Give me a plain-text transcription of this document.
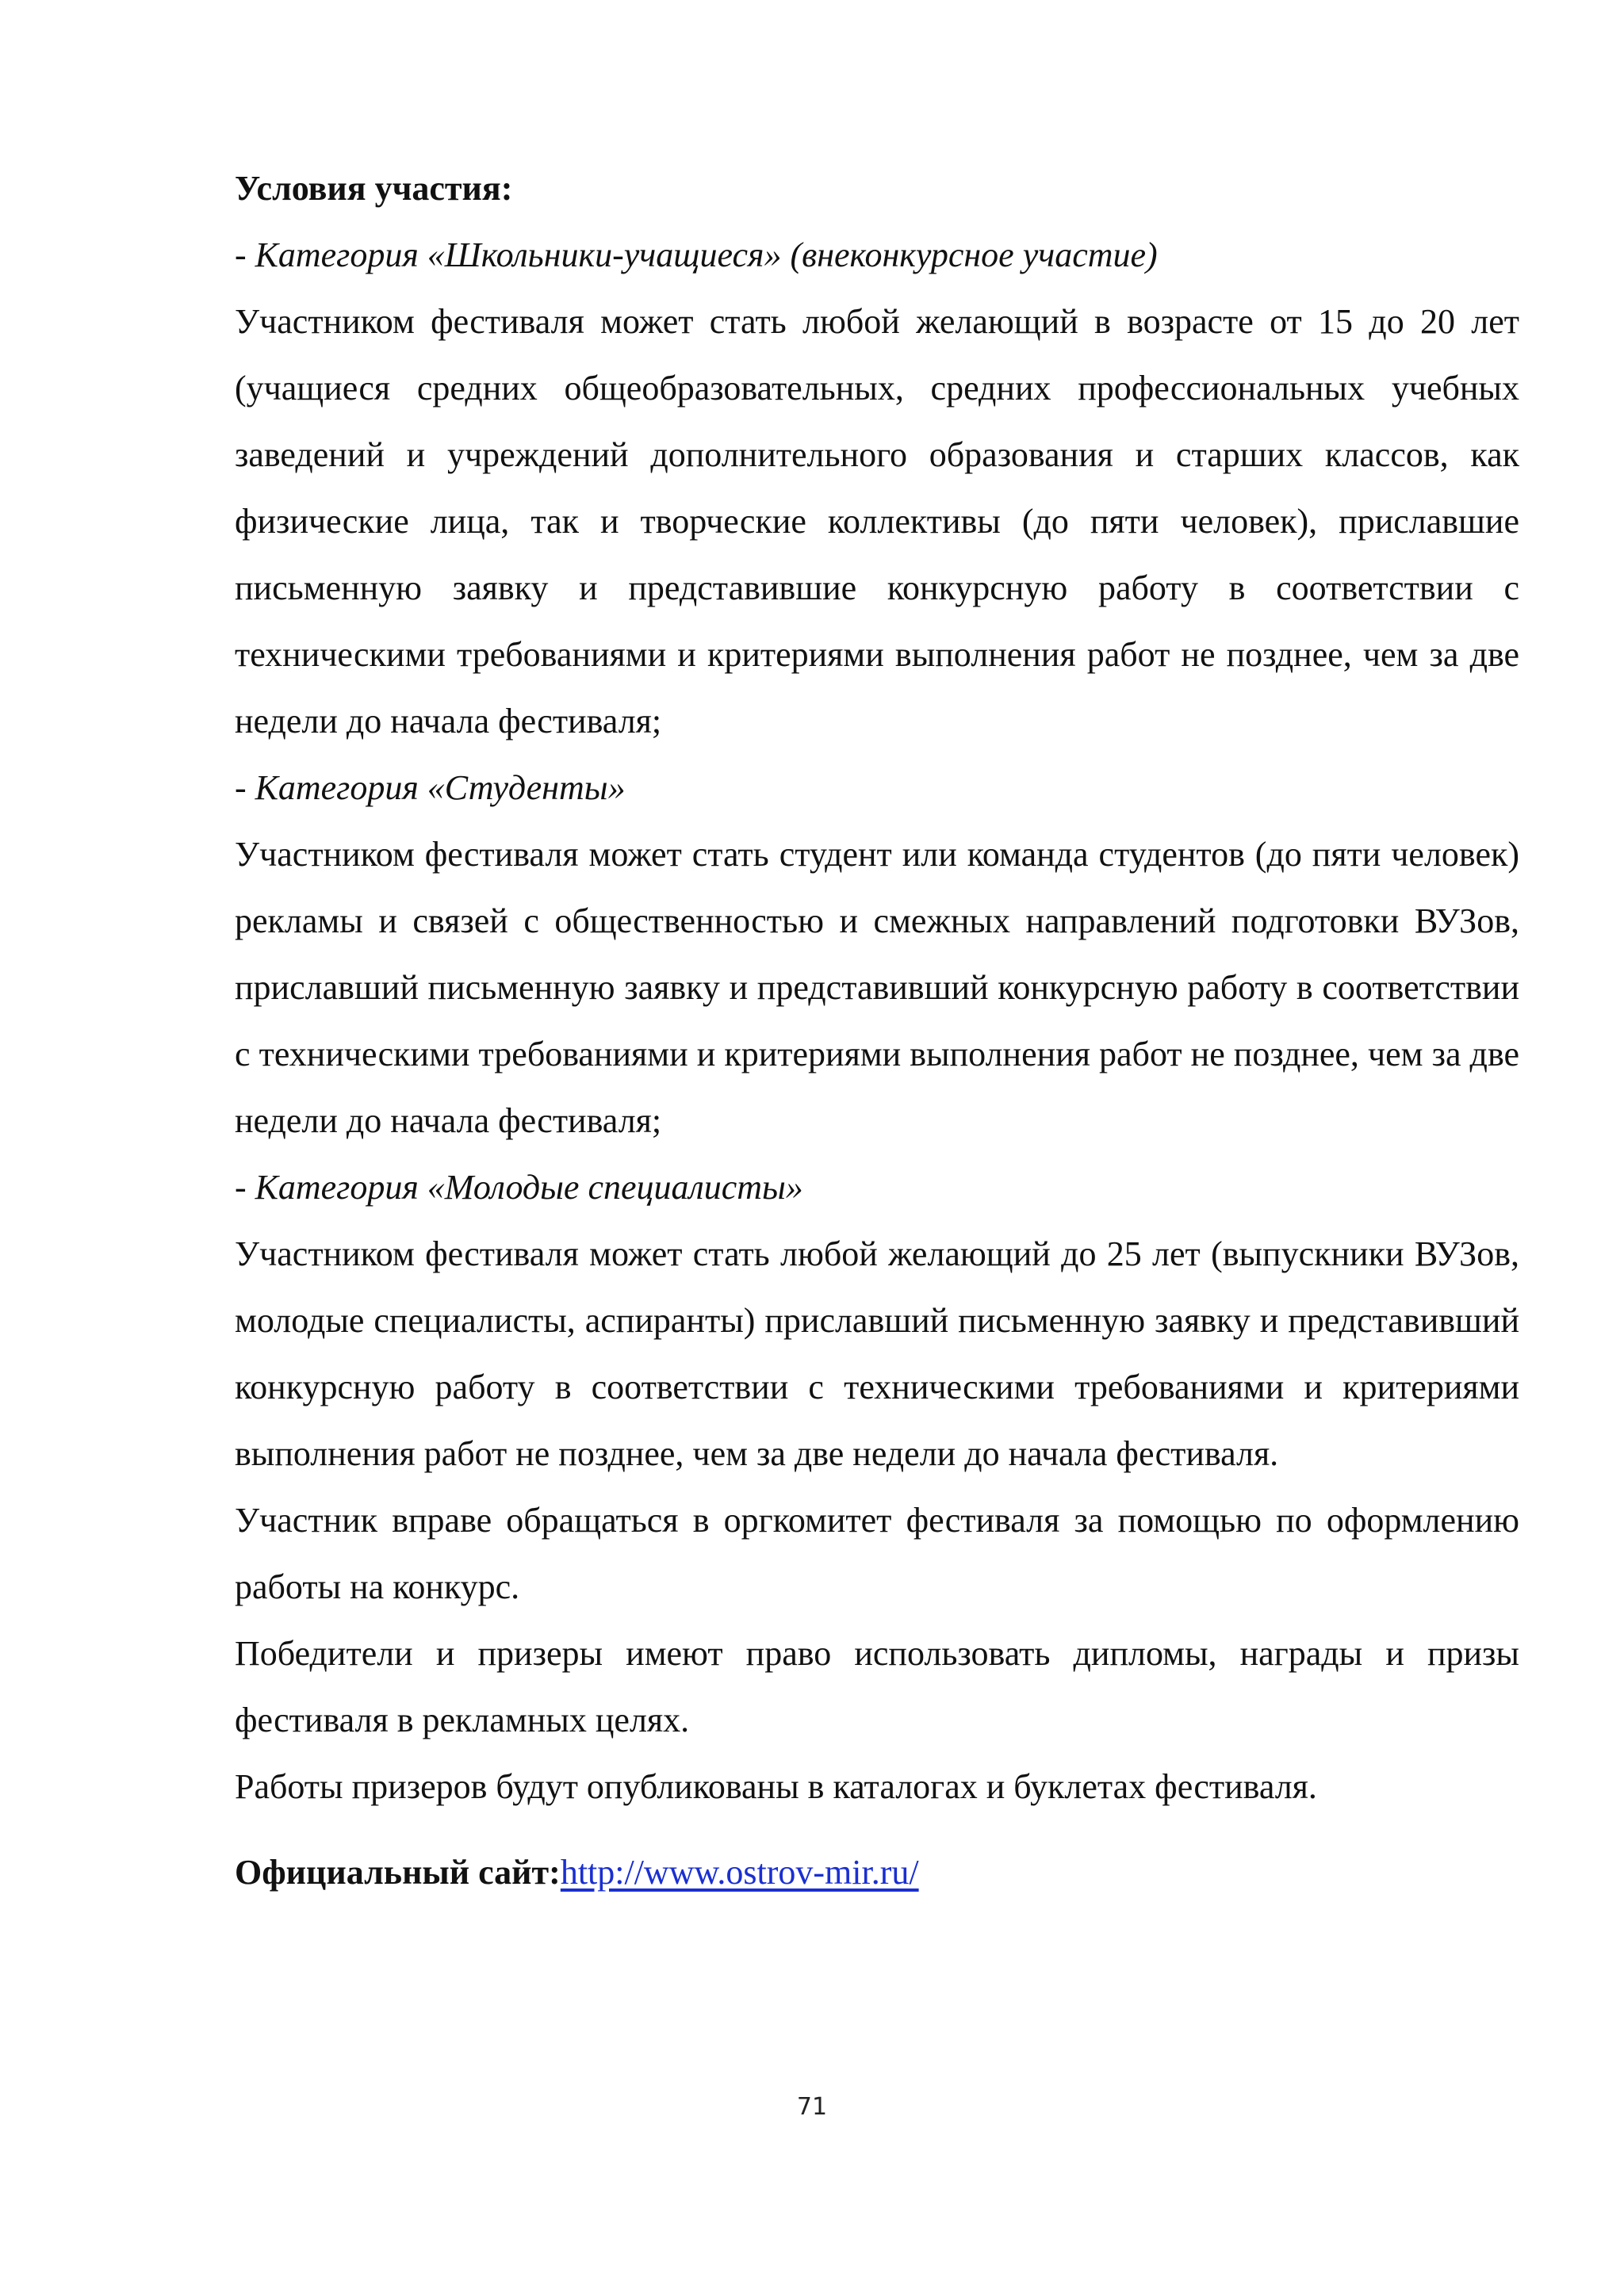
Условия участия:

- Категория «Школьники-учащиеся» (внеконкурсное участие)

Участником фестиваля может стать любой желающий в возрасте от 15 до 20 лет (учащиеся средних общеобразовательных, средних профессиональных учебных заведений и учреждений дополнительного образования и старших классов, как физические лица, так и творческие коллективы (до пяти человек), приславшие письменную заявку и представившие конкурсную работу в соответствии с техническими требованиями и критериями выполнения работ не позднее, чем за две недели до начала фестиваля;

- Категория «Студенты»

Участником фестиваля может стать студент или команда студентов (до пяти человек) рекламы и связей с общественностью и смежных направлений подготовки ВУЗов, приславший письменную заявку и представивший конкурсную работу в соответствии с техническими требованиями и критериями выполнения работ не позднее, чем за две недели до начала фестиваля;

- Категория «Молодые специалисты»

Участником фестиваля может стать любой желающий до 25 лет (выпускники ВУЗов, молодые специалисты, аспиранты) приславший письменную заявку и представивший конкурсную работу в соответствии с техническими требованиями и критериями выполнения работ не позднее, чем за две недели до начала фестиваля.

Участник вправе обращаться в оргкомитет фестиваля за помощью по оформлению работы на конкурс.

Победители и призеры имеют право использовать дипломы, награды и призы фестиваля в рекламных целях.

Работы призеров будут опубликованы в каталогах и буклетах фестиваля.

Официальный сайт:http://www.ostrov-mir.ru/

71
